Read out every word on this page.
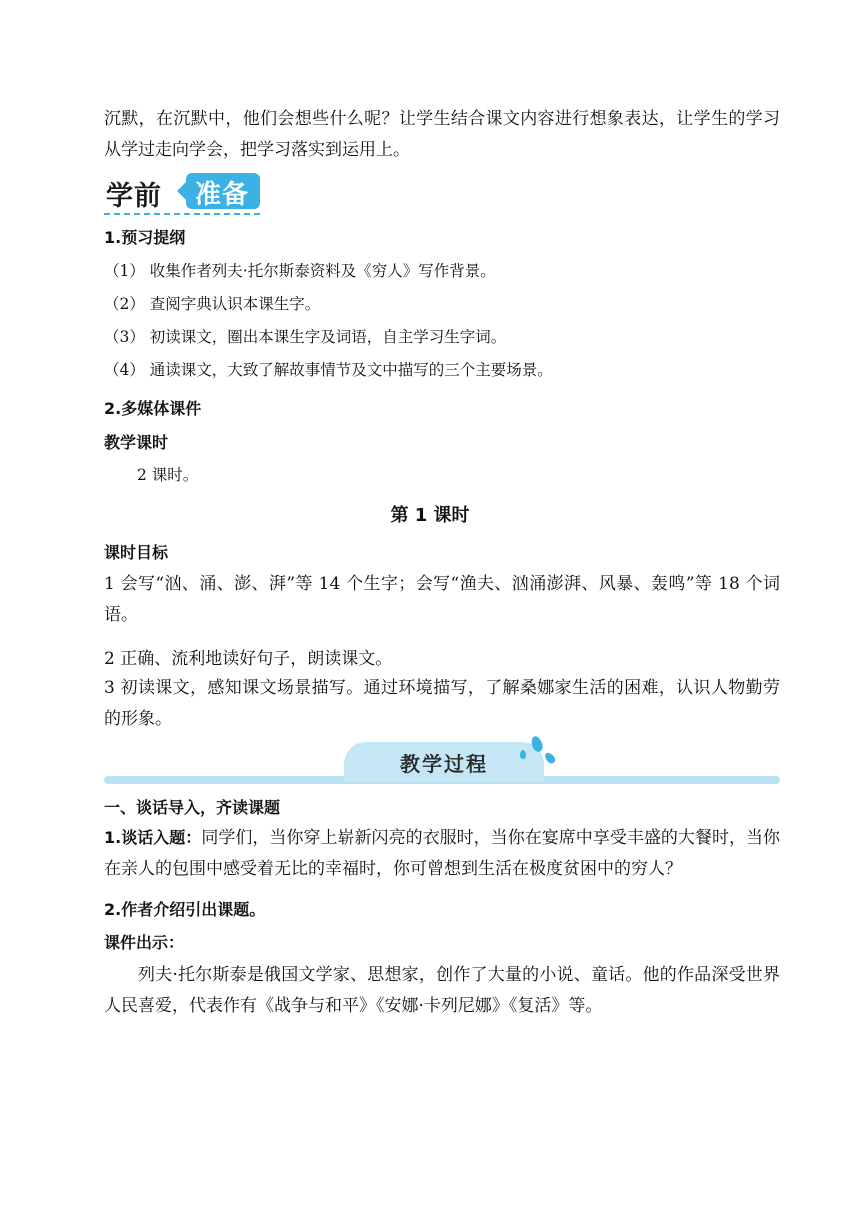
沉默，在沉默中，他们会想些什么呢？让学生结合课文内容进行想象表达，让学生的学习从学过走向学会，把学习落实到运用上。
学前 准备
1.预习提纲
（1） 收集作者列夫·托尔斯泰资料及《穷人》写作背景。
（2） 查阅字典认识本课生字。
（3） 初读课文，圈出本课生字及词语，自主学习生字词。
（4） 通读课文，大致了解故事情节及文中描写的三个主要场景。
2.多媒体课件
教学课时
2 课时。
第 1 课时
课时目标
1 会写“汹、涌、澎、湃”等 14 个生字；会写“渔夫、汹涌澎湃、风暴、轰鸣”等 18 个词语。
2 正确、流利地读好句子，朗读课文。
3 初读课文，感知课文场景描写。通过环境描写，了解桑娜家生活的困难，认识人物勤劳的形象。
教学过程
一、谈话导入，齐读课题
1.谈话入题：同学们，当你穿上崭新闪亮的衣服时，当你在宴席中享受丰盛的大餐时，当你在亲人的包围中感受着无比的幸福时，你可曾想到生活在极度贫困中的穷人？
2.作者介绍引出课题。
课件出示：
列夫·托尔斯泰是俄国文学家、思想家，创作了大量的小说、童话。他的作品深受世界人民喜爱，代表作有《战争与和平》《安娜·卡列尼娜》《复活》等。
